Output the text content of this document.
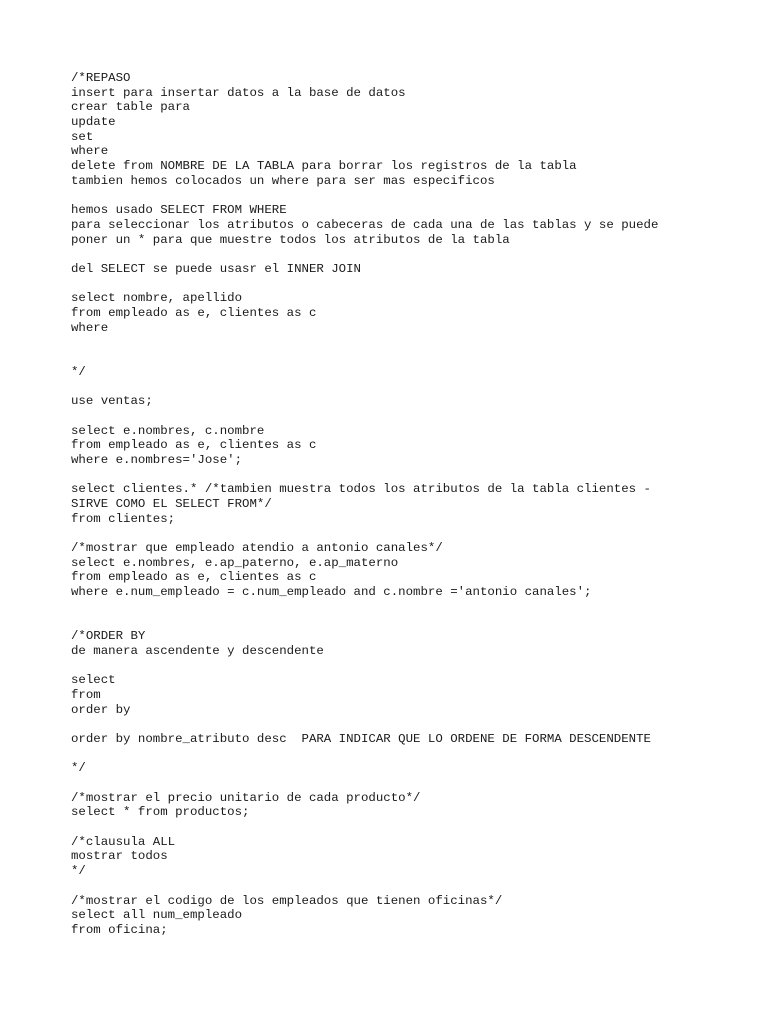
/*REPASO
insert para insertar datos a la base de datos
crear table para
update
set
where
delete from NOMBRE DE LA TABLA para borrar los registros de la tabla
tambien hemos colocados un where para ser mas especificos
hemos usado SELECT FROM WHERE
para seleccionar los atributos o cabeceras de cada una de las tablas y se puede
poner un * para que muestre todos los atributos de la tabla
del SELECT se puede usasr el INNER JOIN
select nombre, apellido
from empleado as e, clientes as c
where
*/
use ventas;
select e.nombres, c.nombre
from empleado as e, clientes as c
where e.nombres='Jose';
select clientes.* /*tambien muestra todos los atributos de la tabla clientes -
SIRVE COMO EL SELECT FROM*/
from clientes;
/*mostrar que empleado atendio a antonio canales*/
select e.nombres, e.ap_paterno, e.ap_materno
from empleado as e, clientes as c
where e.num_empleado = c.num_empleado and c.nombre ='antonio canales';
/*ORDER BY
de manera ascendente y descendente
select
from
order by
order by nombre_atributo desc  PARA INDICAR QUE LO ORDENE DE FORMA DESCENDENTE
*/
/*mostrar el precio unitario de cada producto*/
select * from productos;
/*clausula ALL
mostrar todos
*/
/*mostrar el codigo de los empleados que tienen oficinas*/
select all num_empleado
from oficina;
